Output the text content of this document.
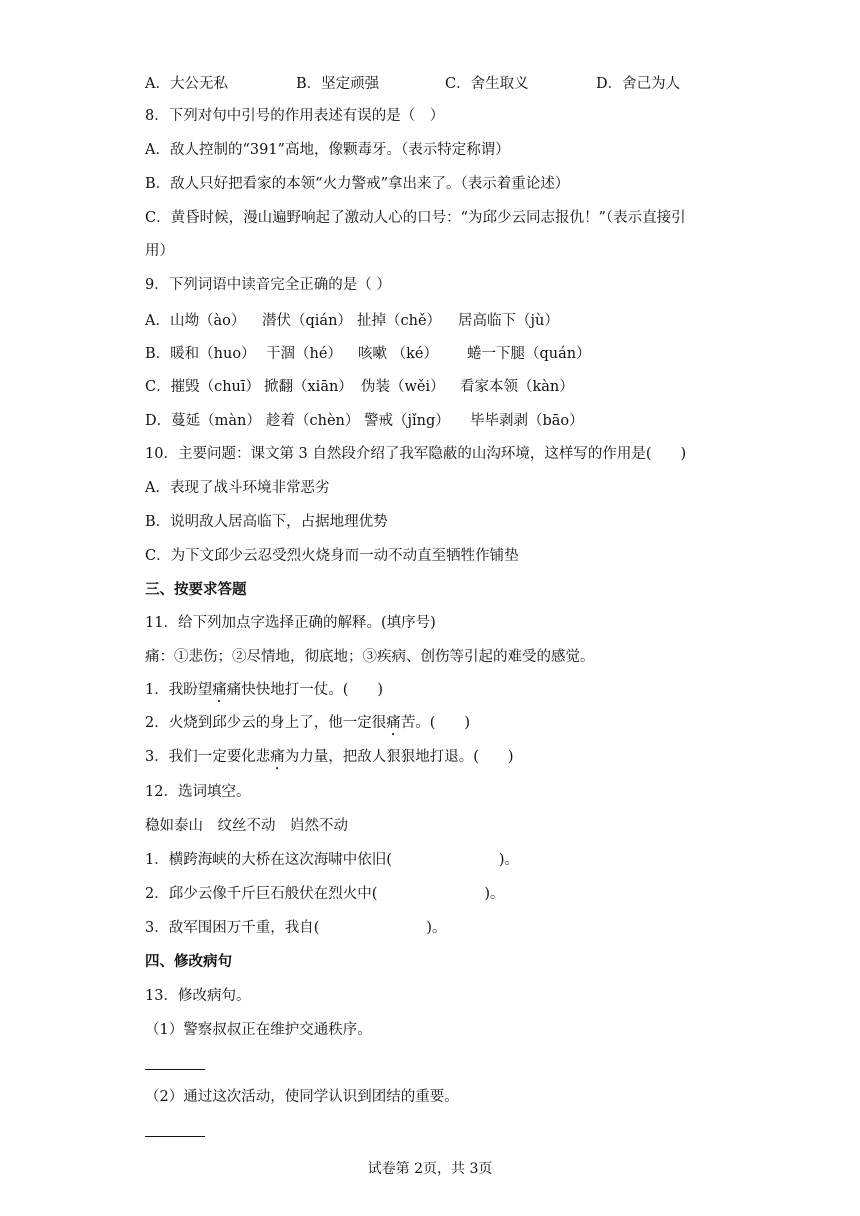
A．大公无私	B．坚定顽强	C．舍生取义	D．舍己为人
8．下列对句中引号的作用表述有误的是（　）
A．敌人控制的“391”高地，像颗毒牙。（表示特定称谓）
B．敌人只好把看家的本领“火力警戒”拿出来了。（表示着重论述）
C．黄昏时候，漫山遍野响起了激动人心的口号：“为邱少云同志报仇！”（表示直接引
用）
9．下列词语中读音完全正确的是（ ）
A．山坳（ào） 潜伏（qián） 扯掉（chě） 居高临下（jù）
B．暖和（huo） 干涸（hé） 咳嗽 （ké） 蜷一下腿（quán）
C．摧毁（chuī） 掀翻（xiān） 伪装（wěi） 看家本领（kàn）
D．蔓延（màn） 趁着（chèn） 警戒（jǐng） 毕毕剥剥（bāo）
10．主要问题：课文第 3 自然段介绍了我军隐蔽的山沟环境，这样写的作用是(　　)
A．表现了战斗环境非常恶劣
B．说明敌人居高临下，占据地理优势
C．为下文邱少云忍受烈火烧身而一动不动直至牺牲作铺垫
三、按要求答题
11．给下列加点字选择正确的解释。(填序号)
痛：①悲伤；②尽情地，彻底地；③疾病、创伤等引起的难受的感觉。
1．我盼望痛痛快快地打一仗。(　　)
2．火烧到邱少云的身上了，他一定很痛苦。(　　)
3．我们一定要化悲痛为力量，把敌人狠狠地打退。(　　)
12．选词填空。
稳如泰山　纹丝不动　岿然不动
1．横跨海峡的大桥在这次海啸中依旧(	)。
2．邱少云像千斤巨石般伏在烈火中(	)。
3．敌军围困万千重，我自(	)。
四、修改病句
13．修改病句。
（1）警察叔叔正在维护交通秩序。
（2）通过这次活动，使同学认识到团结的重要。
试卷第 2页，共 3页
